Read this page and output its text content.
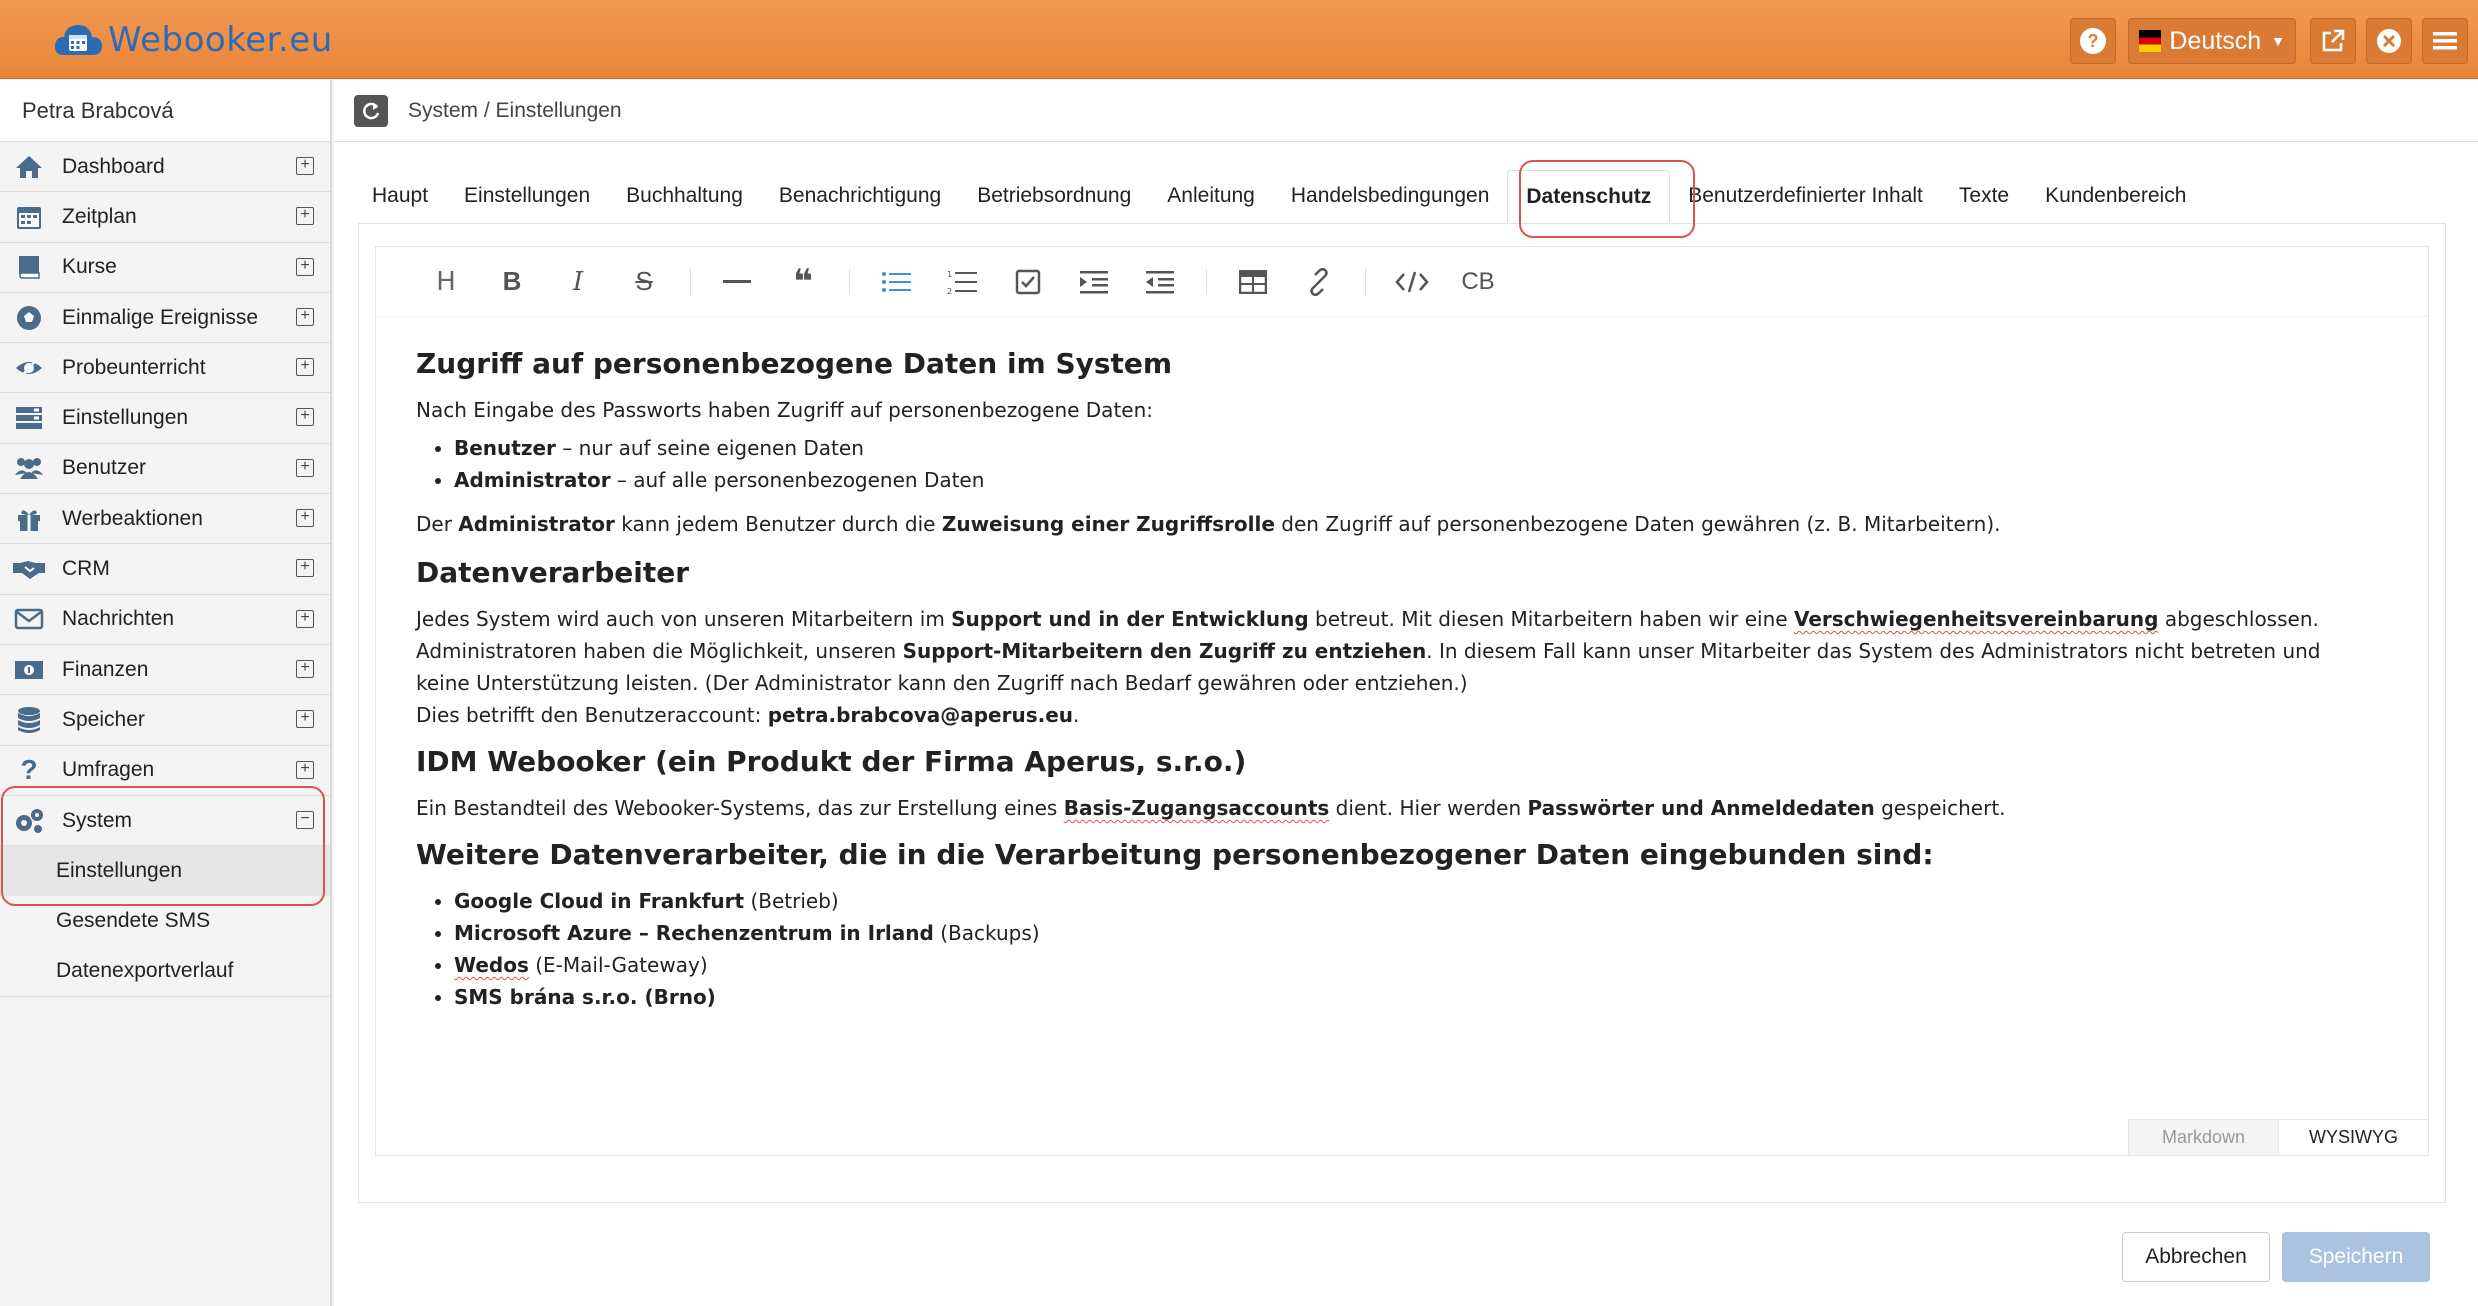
Webooker.eu	?	Deutsch ▼
Petra Brabcová
Dashboard	+
Zeitplan	+
Kurse	+
Einmalige Ereignisse	+
Probeunterricht	+
Einstellungen	+
Benutzer	+
Werbeaktionen	+
CRM	+
Nachrichten	+
Finanzen	+
Speicher	+
? Umfragen	+
System	−
Einstellungen
Gesendete SMS
Datenexportverlauf
System / Einstellungen
Haupt	Einstellungen	Buchhaltung	Benachrichtigung	Betriebsordnung	Anleitung	Handelsbedingungen	Datenschutz	Benutzerdefinierter Inhalt	Texte	Kundenbereich
H B I S	❝	1
2	CB
Zugriff auf personenbezogene Daten im System

Nach Eingabe des Passworts haben Zugriff auf personenbezogene Daten:

• Benutzer – nur auf seine eigenen Daten
• Administrator – auf alle personenbezogenen Daten

Der Administrator kann jedem Benutzer durch die Zuweisung einer Zugriffsrolle den Zugriff auf personenbezogene Daten gewähren (z. B. Mitarbeitern).

Datenverarbeiter

Jedes System wird auch von unseren Mitarbeitern im Support und in der Entwicklung betreut. Mit diesen Mitarbeitern haben wir eine Verschwiegenheitsvereinbarung abgeschlossen.

Administratoren haben die Möglichkeit, unseren Support-Mitarbeitern den Zugriff zu entziehen. In diesem Fall kann unser Mitarbeiter das System des Administrators nicht betreten und keine Unterstützung leisten. (Der Administrator kann den Zugriff nach Bedarf gewähren oder entziehen.)

Dies betrifft den Benutzeraccount: petra.brabcova@aperus.eu.

IDM Webooker (ein Produkt der Firma Aperus, s.r.o.)

Ein Bestandteil des Webooker-Systems, das zur Erstellung eines Basis-Zugangsaccounts dient. Hier werden Passwörter und Anmeldedaten gespeichert.

Weitere Datenverarbeiter, die in die Verarbeitung personenbezogener Daten eingebunden sind:
• Google Cloud in Frankfurt (Betrieb)
• Microsoft Azure – Rechenzentrum in Irland (Backups)
• Wedos (E-Mail-Gateway)
• SMS brána s.r.o. (Brno)
Markdown	WYSIWYG
Abbrechen	Speichern
